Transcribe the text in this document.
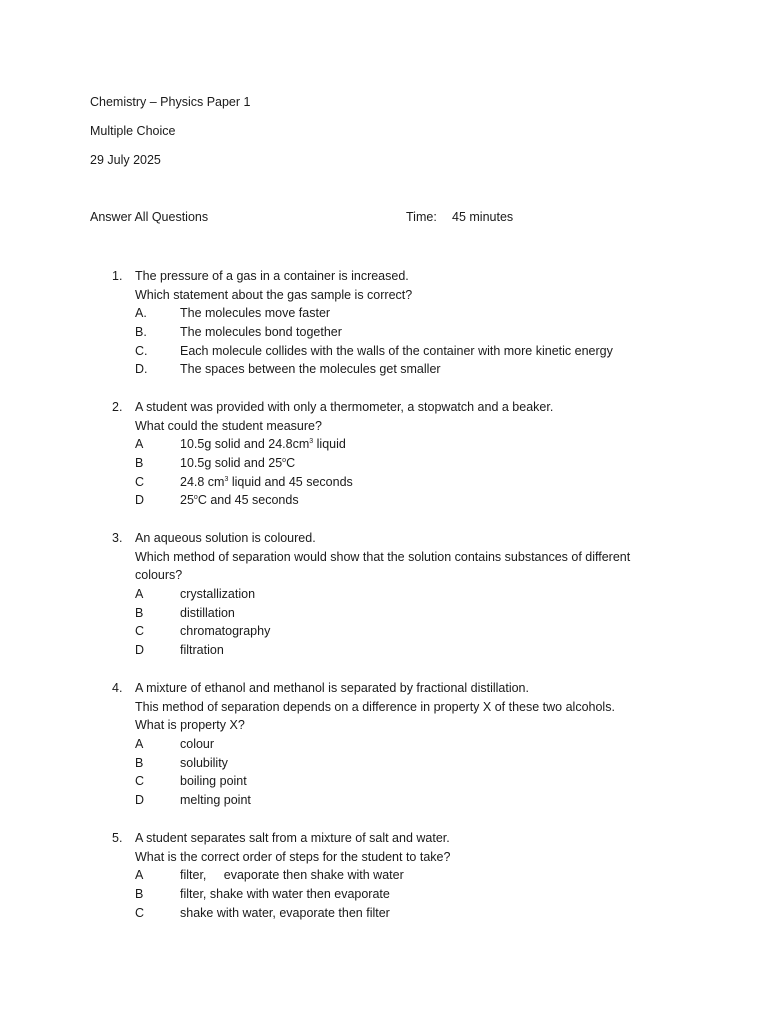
Chemistry – Physics Paper 1
Multiple Choice
29 July 2025
Answer All Questions	Time: 45 minutes
1. The pressure of a gas in a container is increased.
Which statement about the gas sample is correct?
A.	The molecules move faster
B.	The molecules bond together
C.	Each molecule collides with the walls of the container with more kinetic energy
D.	The spaces between the molecules get smaller
2. A student was provided with only a thermometer, a stopwatch and a beaker.
What could the student measure?
A	10.5g solid and $24.8cm^3$ liquid
B	10.5g solid and 25$^o$C
C	24.8 $cm^3$ liquid and 45 seconds
D	25$^o$C and 45 seconds
3. An aqueous solution is coloured.
Which method of separation would show that the solution contains substances of different
colours?
A	crystallization
B	distillation
C	chromatography
D	filtration
4. A mixture of ethanol and methanol is separated by fractional distillation.
This method of separation depends on a difference in property X of these two alcohols.
What is property X?
A	colour
B	solubility
C	boiling point
D	melting point
5. A student separates salt from a mixture of salt and water.
What is the correct order of steps for the student to take?
A	filter,     evaporate then shake with water
B	filter, shake with water then evaporate
C	shake with water, evaporate then filter
